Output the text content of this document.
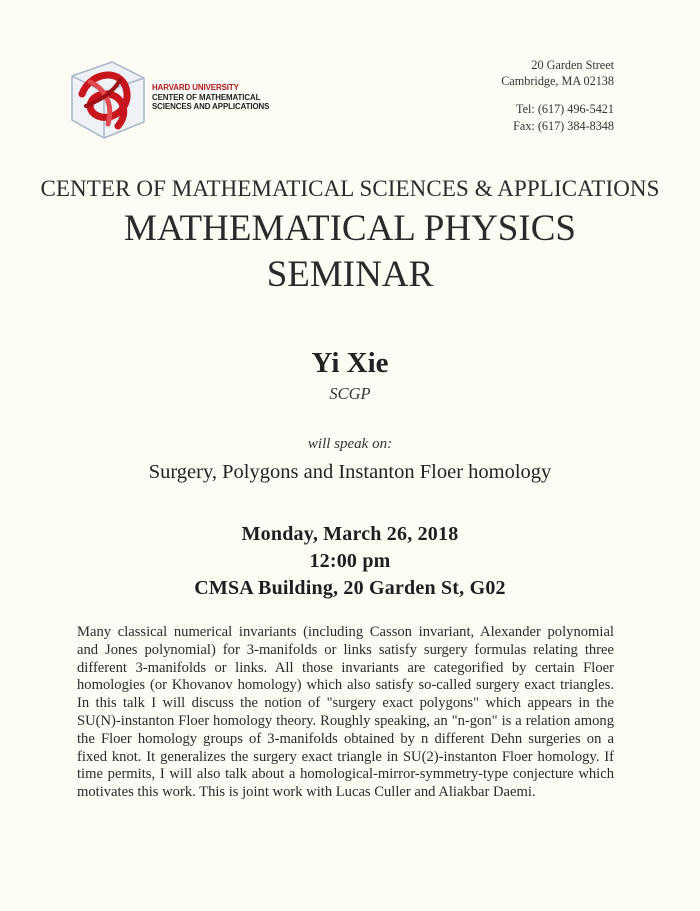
HARVARD UNIVERSITY
CENTER OF MATHEMATICAL
SCIENCES AND APPLICATIONS
20 Garden Street
Cambridge, MA 02138
Tel: (617) 496-5421
Fax: (617) 384-8348
CENTER OF MATHEMATICAL SCIENCES & APPLICATIONS
MATHEMATICAL PHYSICS
SEMINAR
Yi Xie
SCGP
will speak on:
Surgery, Polygons and Instanton Floer homology
Monday, March 26, 2018
12:00 pm
CMSA Building, 20 Garden St, G02
Many classical numerical invariants (including Casson invariant, Alexander polynomial and Jones polynomial) for 3-manifolds or links satisfy surgery formulas relating three different 3-manifolds or links. All those invariants are categorified by certain Floer homologies (or Khovanov homology) which also satisfy so-called surgery exact triangles. In this talk I will discuss the notion of "surgery exact polygons" which appears in the SU(N)-instanton Floer homology theory. Roughly speaking, an "n-gon" is a relation among the Floer homology groups of 3-manifolds obtained by n different Dehn surgeries on a fixed knot. It generalizes the surgery exact triangle in SU(2)-instanton Floer homology. If time permits, I will also talk about a homological-mirror-symmetry-type conjecture which motivates this work. This is joint work with Lucas Culler and Aliakbar Daemi.
